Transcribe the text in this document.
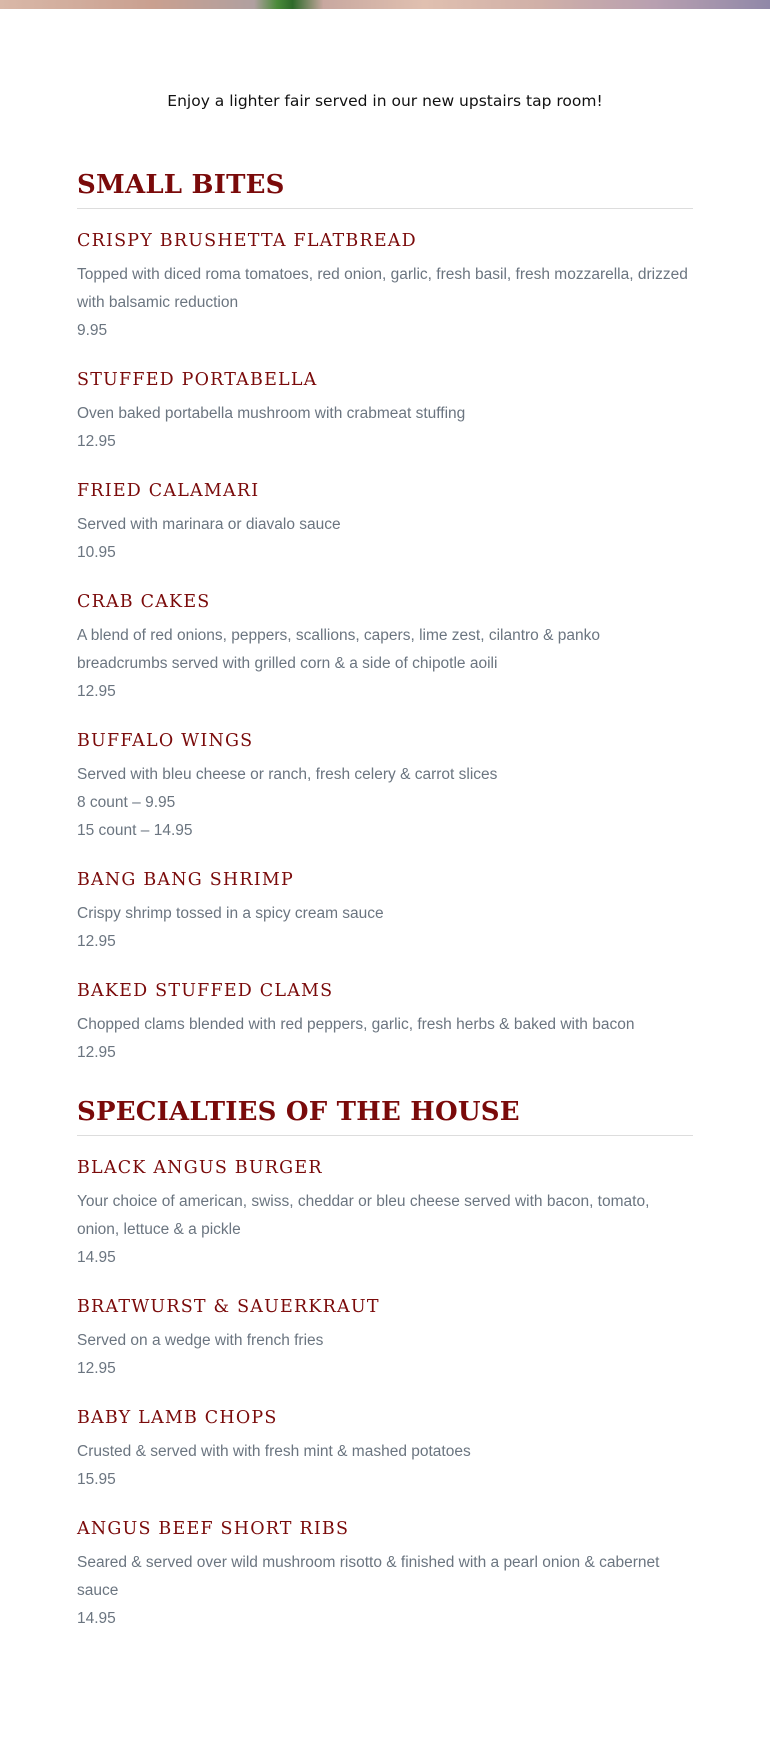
Enjoy a lighter fair served in our new upstairs tap room!
SMALL BITES
CRISPY BRUSHETTA FLATBREAD
Topped with diced roma tomatoes, red onion, garlic, fresh basil, fresh mozzarella, drizzed with balsamic reduction
9.95
STUFFED PORTABELLA
Oven baked portabella mushroom with crabmeat stuffing
12.95
FRIED CALAMARI
Served with marinara or diavalo sauce
10.95
CRAB CAKES
A blend of red onions, peppers, scallions, capers, lime zest, cilantro & panko breadcrumbs served with grilled corn & a side of chipotle aoili
12.95
BUFFALO WINGS
Served with bleu cheese or ranch, fresh celery & carrot slices
8 count – 9.95
15 count – 14.95
BANG BANG SHRIMP
Crispy shrimp tossed in a spicy cream sauce
12.95
BAKED STUFFED CLAMS
Chopped clams blended with red peppers, garlic, fresh herbs & baked with bacon
12.95
SPECIALTIES OF THE HOUSE
BLACK ANGUS BURGER
Your choice of american, swiss, cheddar or bleu cheese served with bacon, tomato, onion, lettuce & a pickle
14.95
BRATWURST & SAUERKRAUT
Served on a wedge with french fries
12.95
BABY LAMB CHOPS
Crusted & served with with fresh mint & mashed potatoes
15.95
ANGUS BEEF SHORT RIBS
Seared & served over wild mushroom risotto & finished with a pearl onion & cabernet sauce
14.95
